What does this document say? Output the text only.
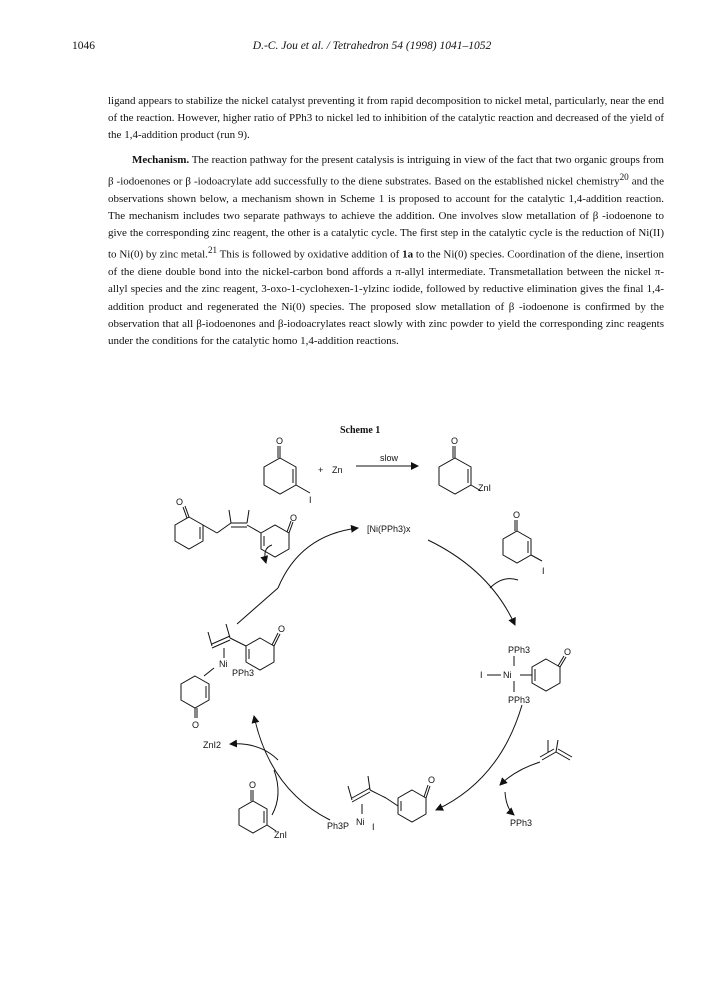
1046	D.-C. Jou et al. / Tetrahedron 54 (1998) 1041–1052

ligand appears to stabilize the nickel catalyst preventing it from rapid decomposition to nickel metal, particularly, near the end of the reaction. However, higher ratio of PPh3 to nickel led to inhibition of the catalytic reaction and decreased of the yield of the 1,4-addition product (run 9).

Mechanism. The reaction pathway for the present catalysis is intriguing in view of the fact that two organic groups from β -iodoenones or β -iodoacrylate add successfully to the diene substrates. Based on the established nickel chemistry$^{20}$ and the observations shown below, a mechanism shown in Scheme 1 is proposed to account for the catalytic 1,4-addition reaction. The mechanism includes two separate pathways to achieve the addition. One involves slow metallation of β -iodoenone to give the corresponding zinc reagent, the other is a catalytic cycle. The first step in the catalytic cycle is the reduction of Ni(II) to Ni(0) by zinc metal.$^{21}$ This is followed by oxidative addition of 1a to the Ni(0) species. Coordination of the diene, insertion of the diene double bond into the nickel-carbon bond affords a π-allyl intermediate. Transmetallation between the nickel π-allyl species and the zinc reagent, 3-oxo-1-cyclohexen-1-ylzinc iodide, followed by reductive elimination gives the final 1,4-addition product and regenerated the Ni(0) species. The proposed slow metallation of β -iodoenone is confirmed by the observation that all β-iodoenones and β-iodoacrylates react slowly with zinc powder to yield the corresponding zinc reagents under the conditions for the catalytic homo 1,4-addition reactions.

Scheme 1
O
I
+ Zn
slow
O
ZnI
O
O
[Ni(PPh3)x
O
I
PPh3
I Ni
PPh3
O
Ni
PPh3
O
O
PPh3
O
Ni
Ph3P	I
ZnI2
O
ZnI
